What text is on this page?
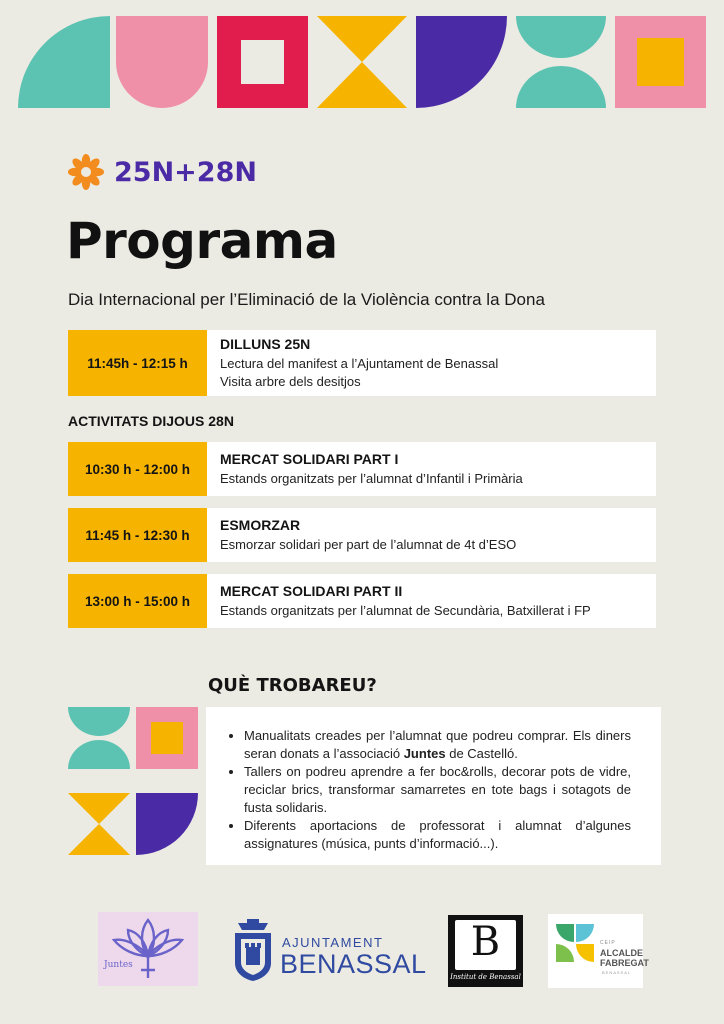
25N+28N
Programa
Dia Internacional per l’Eliminació de la Violència contra la Dona
11:45h - 12:15 h
DILLUNS 25N
Lectura del manifest a l’Ajuntament de Benassal
Visita arbre dels desitjos
ACTIVITATS DIJOUS 28N
10:30 h - 12:00 h
MERCAT SOLIDARI PART I
Estands organitzats per l’alumnat d’Infantil i Primària
11:45 h - 12:30 h
ESMORZAR
Esmorzar solidari per part de l’alumnat de 4t d’ESO
13:00 h - 15:00 h
MERCAT SOLIDARI PART II
Estands organitzats per l’alumnat de Secundària, Batxillerat i FP
QUÈ TROBAREU?
• Manualitats creades per l’alumnat que podreu comprar. Els diners seran donats a l’associació Juntes de Castelló.
• Tallers on podreu aprendre a fer boc&rolls, decorar pots de vidre, reciclar brics, transformar samarretes en tote bags i sotagots de fusta solidaris.
• Diferents aportacions de professorat i alumnat d’algunes assignatures (música, punts d’informació...).
Juntes
AJUNTAMENT
BENASSAL	B
Institut de Benassal
CEIP
ALCALDE
FABREGAT
BENASSAL
